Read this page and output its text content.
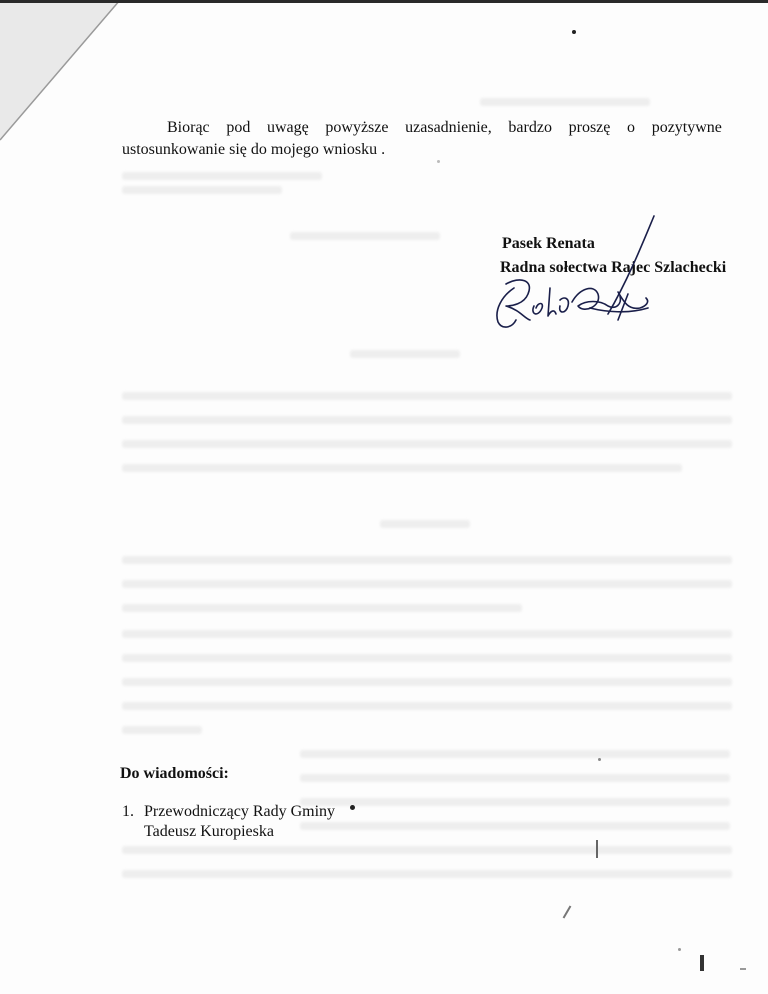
Biorąc pod uwagę powyższe uzasadnienie, bardzo proszę o pozytywne
ustosunkowanie się do mojego wniosku .
Pasek Renata
Radna sołectwa Rajec Szlachecki
Do wiadomości:
1. Przewodniczący Rady Gminy
Tadeusz Kuropieska
